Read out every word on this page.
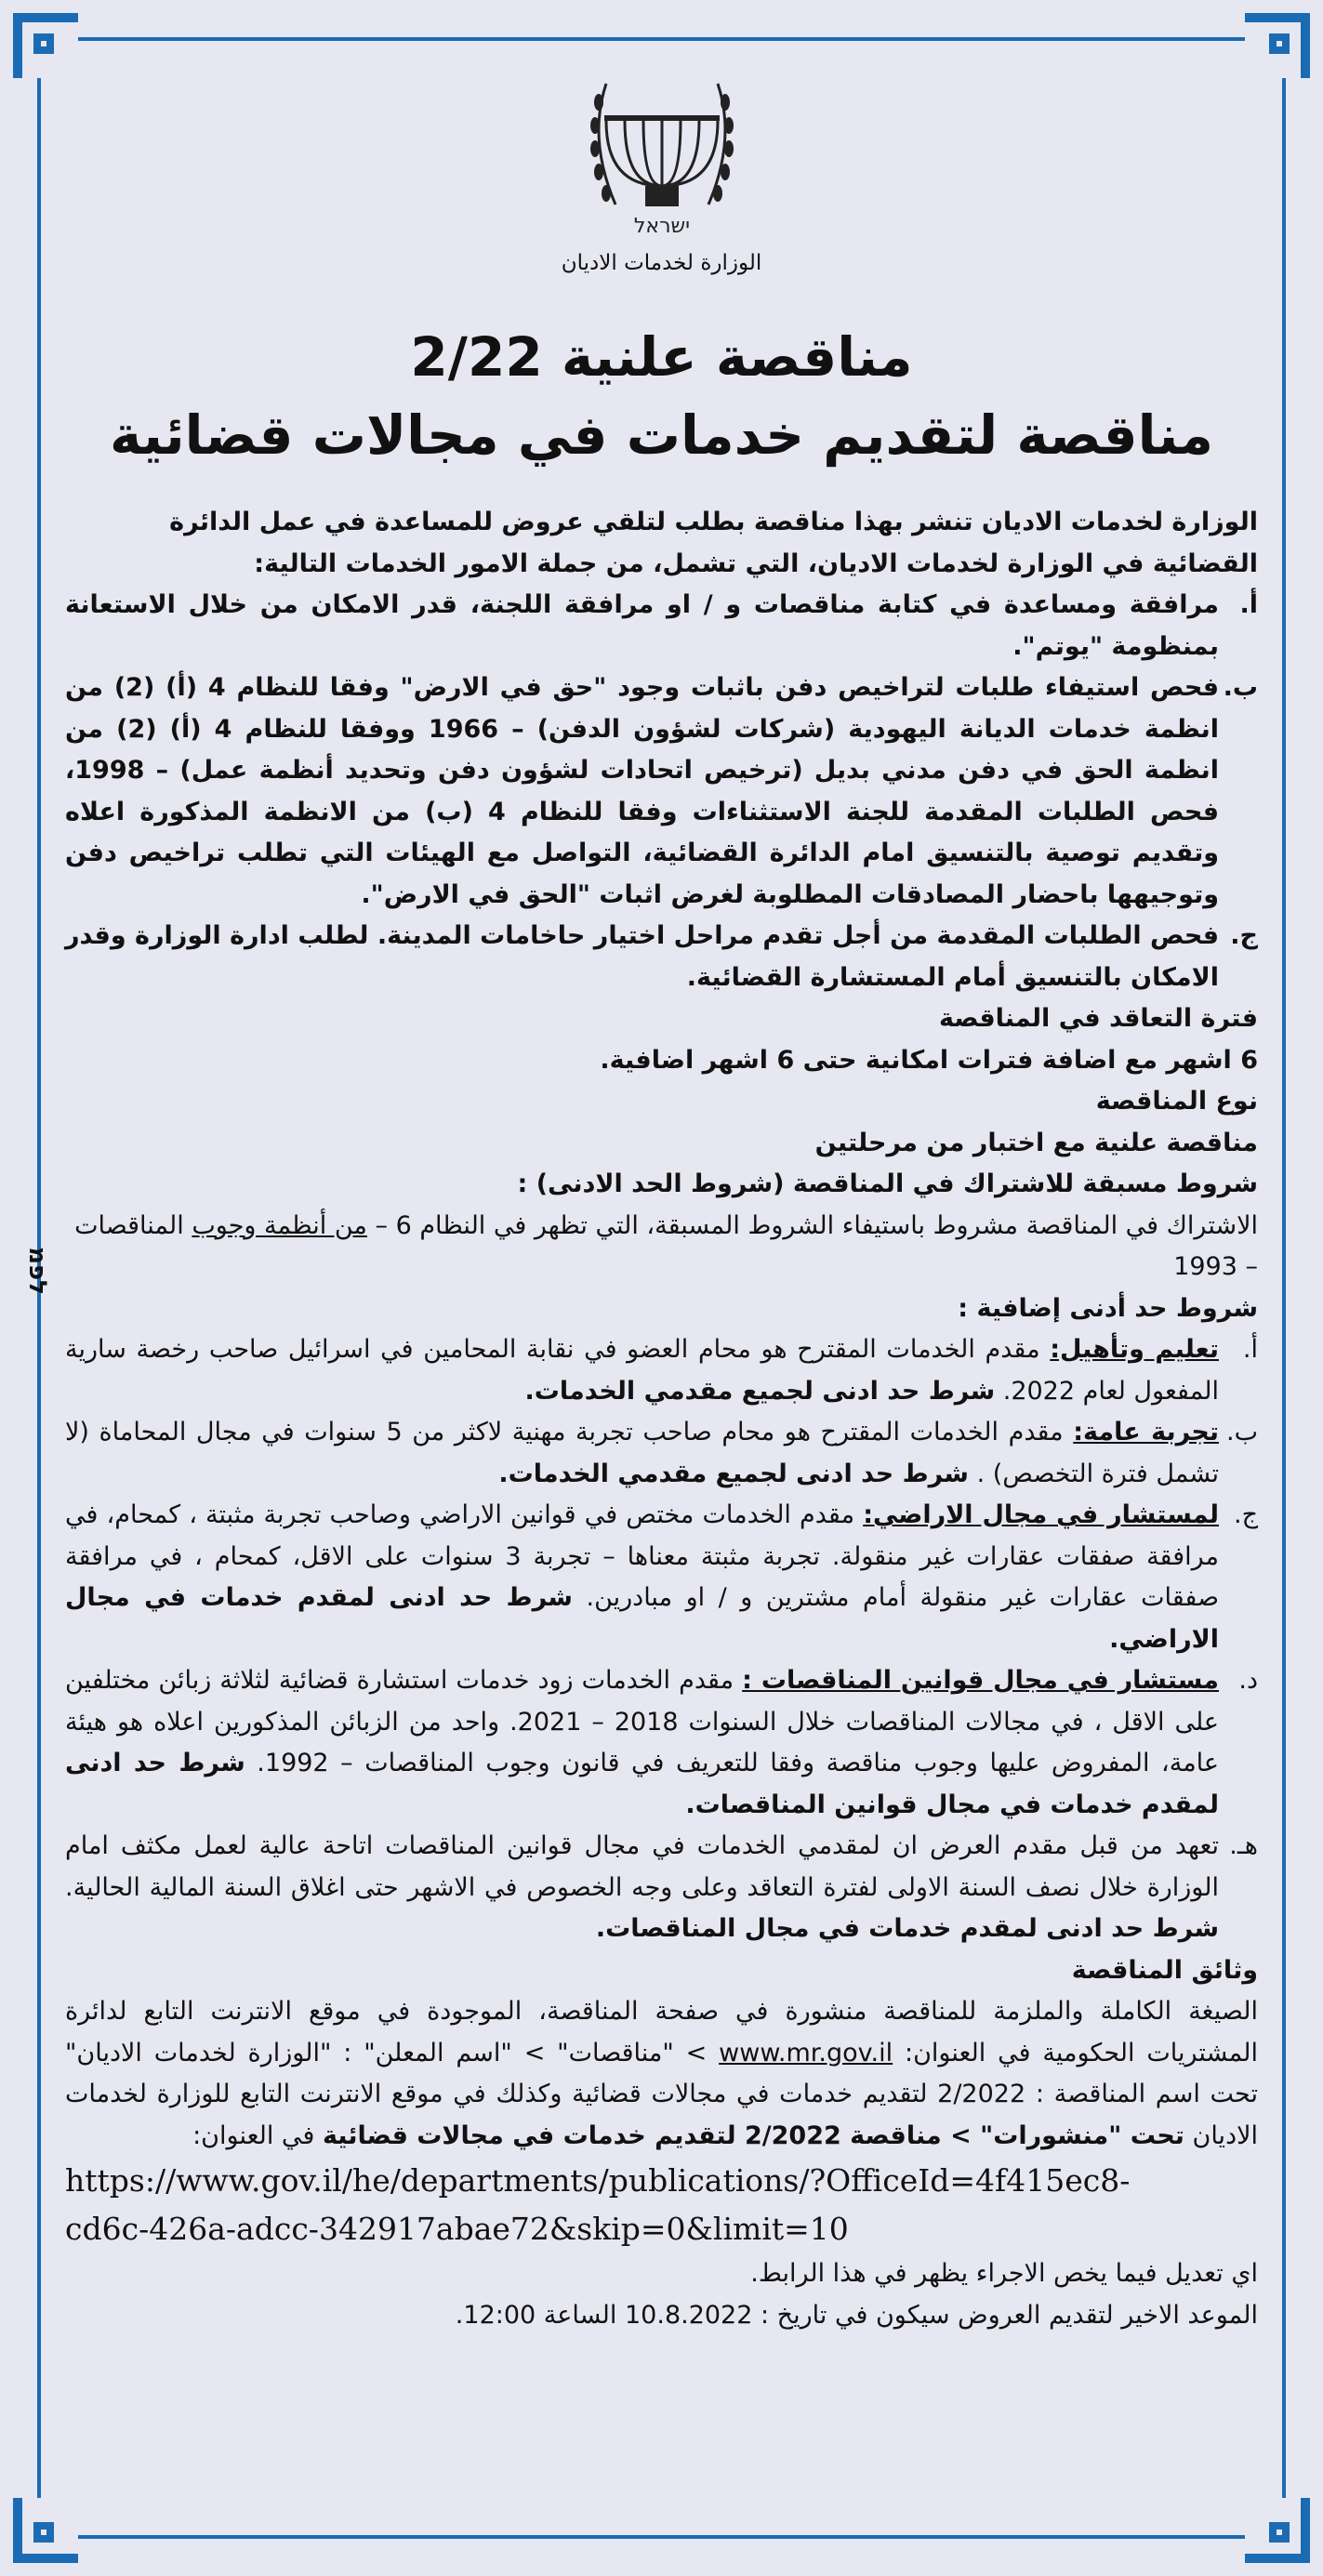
לפמ
ישראל
الوزارة لخدمات الاديان
مناقصة علنية 2/22
مناقصة لتقديم خدمات في مجالات قضائية
الوزارة لخدمات الاديان تنشر بهذا مناقصة بطلب لتلقي عروض للمساعدة في عمل الدائرة القضائية في الوزارة لخدمات الاديان، التي تشمل، من جملة الامور الخدمات التالية:
أ.
مرافقة ومساعدة في كتابة مناقصات و / او مرافقة اللجنة، قدر الامكان من خلال الاستعانة بمنظومة "يوتم".
ب.
فحص استيفاء طلبات لتراخيص دفن باثبات وجود "حق في الارض" وفقا للنظام 4 (أ) (2) من انظمة خدمات الديانة اليهودية (شركات لشؤون الدفن) – 1966 ووفقا للنظام 4 (أ) (2) من انظمة الحق في دفن مدني بديل (ترخيص اتحادات لشؤون دفن وتحديد أنظمة عمل) – 1998، فحص الطلبات المقدمة للجنة الاستثناءات وفقا للنظام 4 (ب) من الانظمة المذكورة اعلاه وتقديم توصية بالتنسيق امام الدائرة القضائية، التواصل مع الهيئات التي تطلب تراخيص دفن وتوجيهها باحضار المصادقات المطلوبة لغرض اثبات "الحق في الارض".
ج.
فحص الطلبات المقدمة من أجل تقدم مراحل اختيار حاخامات المدينة. لطلب ادارة الوزارة وقدر الامكان بالتنسيق أمام المستشارة القضائية.
فترة التعاقد في المناقصة
6 اشهر مع اضافة فترات امكانية حتى 6 اشهر اضافية.
نوع المناقصة
مناقصة علنية مع اختبار من مرحلتين
شروط مسبقة للاشتراك في المناقصة (شروط الحد الادنى) :
الاشتراك في المناقصة مشروط باستيفاء الشروط المسبقة، التي تظهر في النظام 6 – من أنظمة وجوب المناقصات – 1993
شروط حد أدنى إضافية :
أ.
تعليم وتأهيل: مقدم الخدمات المقترح هو محام العضو في نقابة المحامين في اسرائيل صاحب رخصة سارية المفعول لعام 2022. شرط حد ادنى لجميع مقدمي الخدمات.
ب.
تجربة عامة: مقدم الخدمات المقترح هو محام صاحب تجربة مهنية لاكثر من 5 سنوات في مجال المحاماة (لا تشمل فترة التخصص) . شرط حد ادنى لجميع مقدمي الخدمات.
ج.
لمستشار في مجال الاراضي: مقدم الخدمات مختص في قوانين الاراضي وصاحب تجربة مثبتة ، كمحام، في مرافقة صفقات عقارات غير منقولة. تجربة مثبتة معناها – تجربة 3 سنوات على الاقل، كمحام ، في مرافقة صفقات عقارات غير منقولة أمام مشترين و / او مبادرين. شرط حد ادنى لمقدم خدمات في مجال الاراضي.
د.
مستشار في مجال قوانين المناقصات : مقدم الخدمات زود خدمات استشارة قضائية لثلاثة زبائن مختلفين على الاقل ، في مجالات المناقصات خلال السنوات 2018 – 2021. واحد من الزبائن المذكورين اعلاه هو هيئة عامة، المفروض عليها وجوب مناقصة وفقا للتعريف في قانون وجوب المناقصات – 1992. شرط حد ادنى لمقدم خدمات في مجال قوانين المناقصات.
هـ.
تعهد من قبل مقدم العرض ان لمقدمي الخدمات في مجال قوانين المناقصات اتاحة عالية لعمل مكثف امام الوزارة خلال نصف السنة الاولى لفترة التعاقد وعلى وجه الخصوص في الاشهر حتى اغلاق السنة المالية الحالية. شرط حد ادنى لمقدم خدمات في مجال المناقصات.
وثائق المناقصة
الصيغة الكاملة والملزمة للمناقصة منشورة في صفحة المناقصة، الموجودة في موقع الانترنت التابع لدائرة المشتريات الحكومية في العنوان: www.mr.gov.il > "مناقصات" > "اسم المعلن" : "الوزارة لخدمات الاديان" تحت اسم المناقصة : 2/2022 لتقديم خدمات في مجالات قضائية وكذلك في موقع الانترنت التابع للوزارة لخدمات الاديان تحت "منشورات" > مناقصة 2/2022 لتقديم خدمات في مجالات قضائية في العنوان:
https://www.gov.il/he/departments/publications/?OfficeId=4f415ec8-
cd6c-426a-adcc-342917abae72&skip=0&limit=10
اي تعديل فيما يخص الاجراء يظهر في هذا الرابط.
الموعد الاخير لتقديم العروض سيكون في تاريخ : 10.8.2022 الساعة 12:00.
